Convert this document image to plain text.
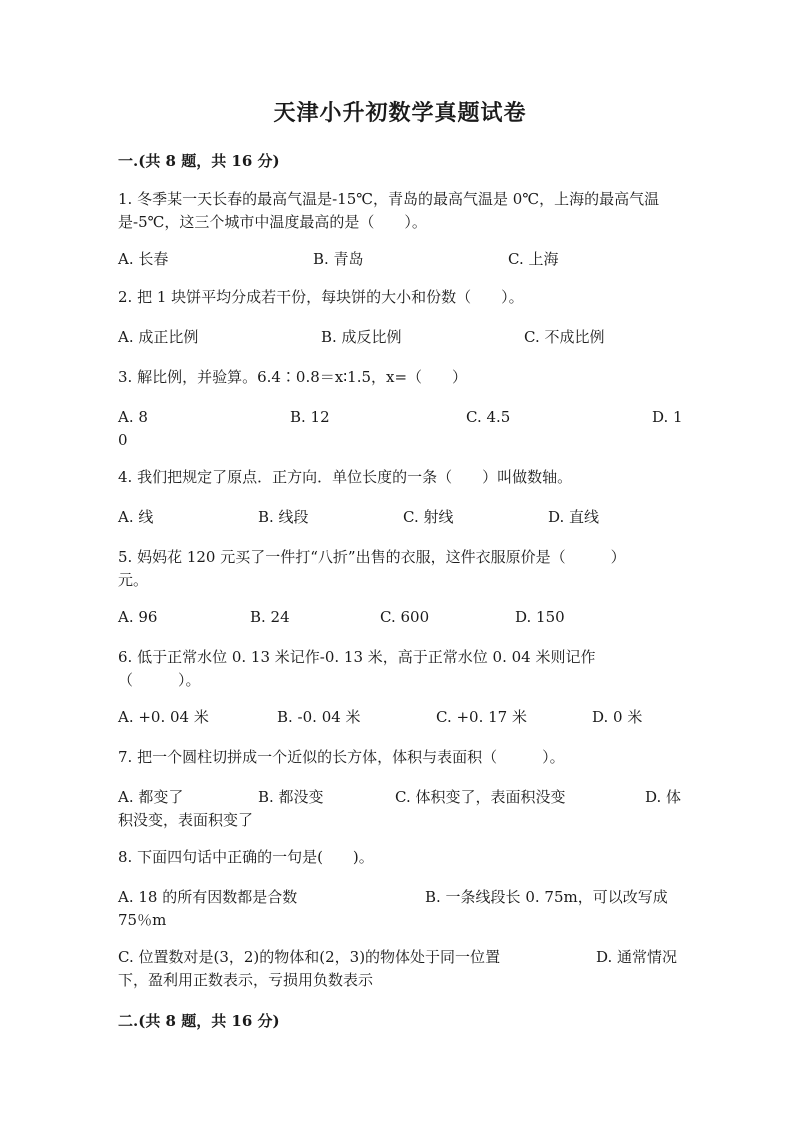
天津小升初数学真题试卷
一.(共 8 题，共 16 分)
1. 冬季某一天长春的最高气温是-15℃，青岛的最高气温是 0℃，上海的最高气温是-5℃，这三个城市中温度最高的是（　　）。
A. 长春	B. 青岛	C. 上海
2. 把 1 块饼平均分成若干份，每块饼的大小和份数（　　）。
A. 成正比例	B. 成反比例	C. 不成比例
3. 解比例，并验算。6.4∶0.8＝x∶1.5，x=（　　）
A. 8	B. 12	C. 4.5	D. 1
0
4. 我们把规定了原点．正方向．单位长度的一条（　　）叫做数轴。
A. 线	B. 线段	C. 射线	D. 直线
5. 妈妈花 120 元买了一件打“八折”出售的衣服，这件衣服原价是（　　　）
元。
A. 96	B. 24	C. 600	D. 150
6. 低于正常水位 0. 13 米记作-0. 13 米，高于正常水位 0. 04 米则记作
（　　　）。
A. +0. 04 米	B. -0. 04 米	C. +0. 17 米	D. 0 米
7. 把一个圆柱切拼成一个近似的长方体，体积与表面积（　　　）。
A. 都变了	B. 都没变	C. 体积变了，表面积没变	D. 体
积没变，表面积变了
8. 下面四句话中正确的一句是(　　)。
A. 18 的所有因数都是合数	B. 一条线段长 0. 75m，可以改写成
75％m
C. 位置数对是(3，2)的物体和(2，3)的物体处于同一位置	D. 通常情况
下，盈利用正数表示，亏损用负数表示
二.(共 8 题，共 16 分)
